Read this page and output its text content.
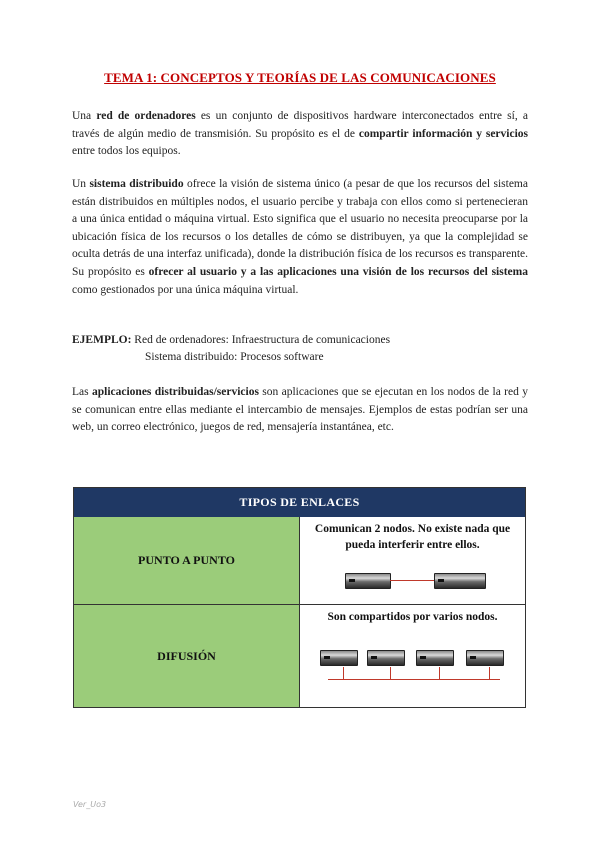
TEMA 1: CONCEPTOS Y TEORÍAS DE LAS COMUNICACIONES

Una red de ordenadores es un conjunto de dispositivos hardware interconectados entre sí, a través de algún medio de transmisión. Su propósito es el de compartir información y servicios entre todos los equipos.

Un sistema distribuido ofrece la visión de sistema único (a pesar de que los recursos del sistema están distribuidos en múltiples nodos, el usuario percibe y trabaja con ellos como si pertenecieran a una única entidad o máquina virtual. Esto significa que el usuario no necesita preocuparse por la ubicación física de los recursos o los detalles de cómo se distribuyen, ya que la complejidad se oculta detrás de una interfaz unificada), donde la distribución física de los recursos es transparente. Su propósito es ofrecer al usuario y a las aplicaciones una visión de los recursos del sistema como gestionados por una única máquina virtual.

EJEMPLO: Red de ordenadores: Infraestructura de comunicaciones
Sistema distribuido: Procesos software

Las aplicaciones distribuidas/servicios son aplicaciones que se ejecutan en los nodos de la red y se comunican entre ellas mediante el intercambio de mensajes. Ejemplos de estas podrían ser una web, un correo electrónico, juegos de red, mensajería instantánea, etc.

TIPOS DE ENLACES
PUNTO A PUNTO
Comunican 2 nodos. No existe nada que pueda interferir entre ellos.
DIFUSIÓN
Son compartidos por varios nodos.
Ver_Uo3
